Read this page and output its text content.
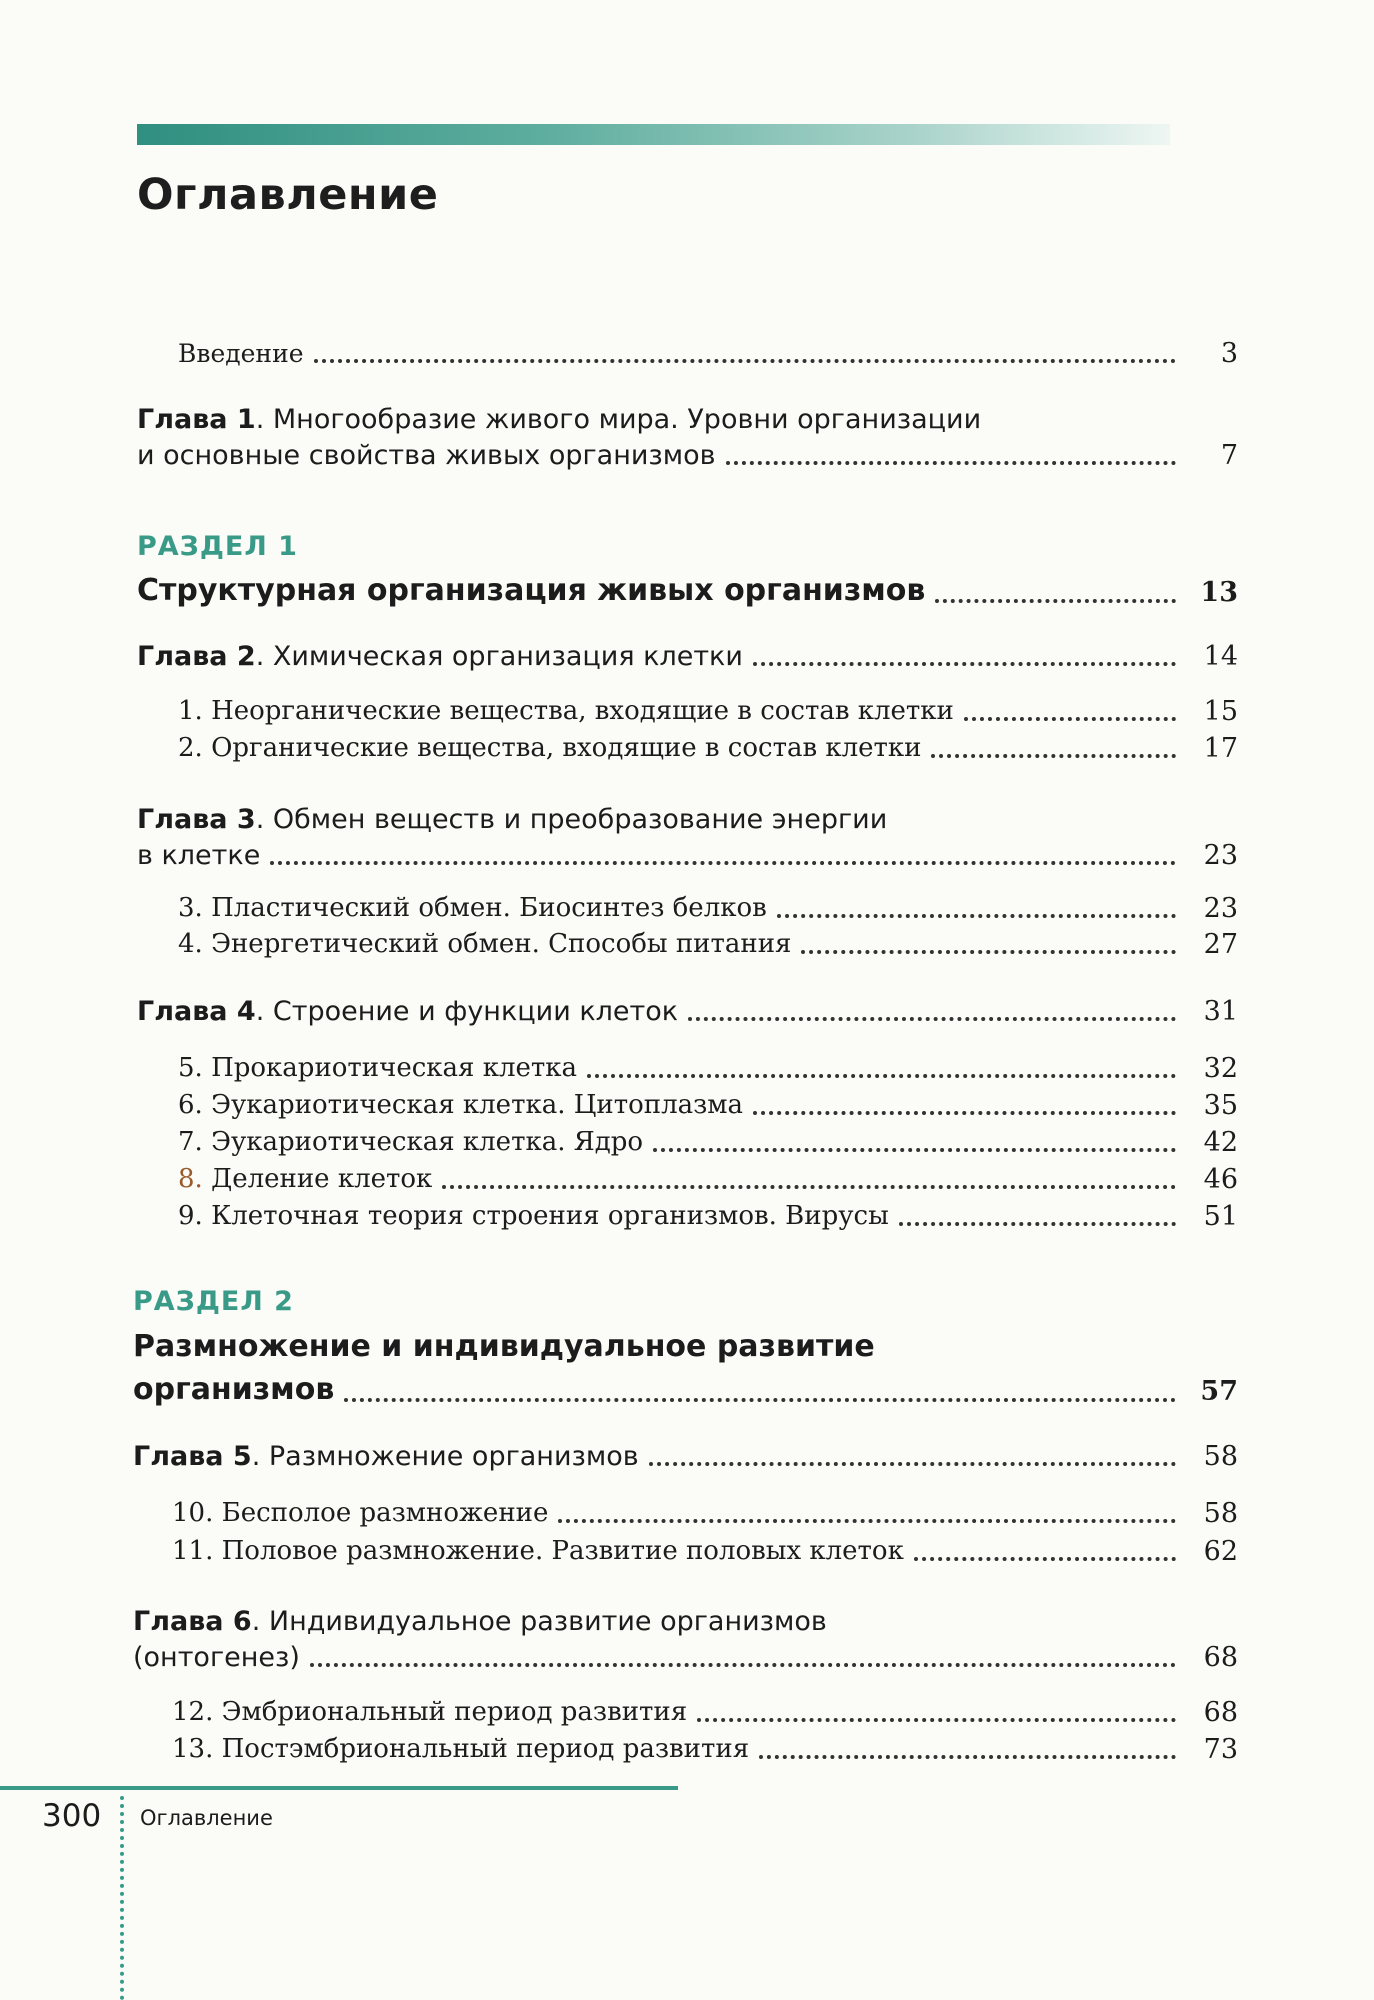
Оглавление
Введение	3
Глава 1. Многообразие живого мира. Уровни организации
и основные свойства живых организмов	7
РАЗДЕЛ 1
Структурная организация живых организмов	13
Глава 2. Химическая организация клетки	14
1. Неорганические вещества, входящие в состав клетки	15
2. Органические вещества, входящие в состав клетки	17
Глава 3. Обмен веществ и преобразование энергии
в клетке	23
3. Пластический обмен. Биосинтез белков	23
4. Энергетический обмен. Способы питания	27
Глава 4. Строение и функции клеток	31
5. Прокариотическая клетка	32
6. Эукариотическая клетка. Цитоплазма	35
7. Эукариотическая клетка. Ядро	42
8. Деление клеток	46
9. Клеточная теория строения организмов. Вирусы	51
РАЗДЕЛ 2
Размножение и индивидуальное развитие
организмов	57
Глава 5. Размножение организмов	58
10. Бесполое размножение	58
11. Половое размножение. Развитие половых клеток	62
Глава 6. Индивидуальное развитие организмов
(онтогенез)	68
12. Эмбриональный период развития	68
13. Постэмбриональный период развития	73
300 Оглавление
